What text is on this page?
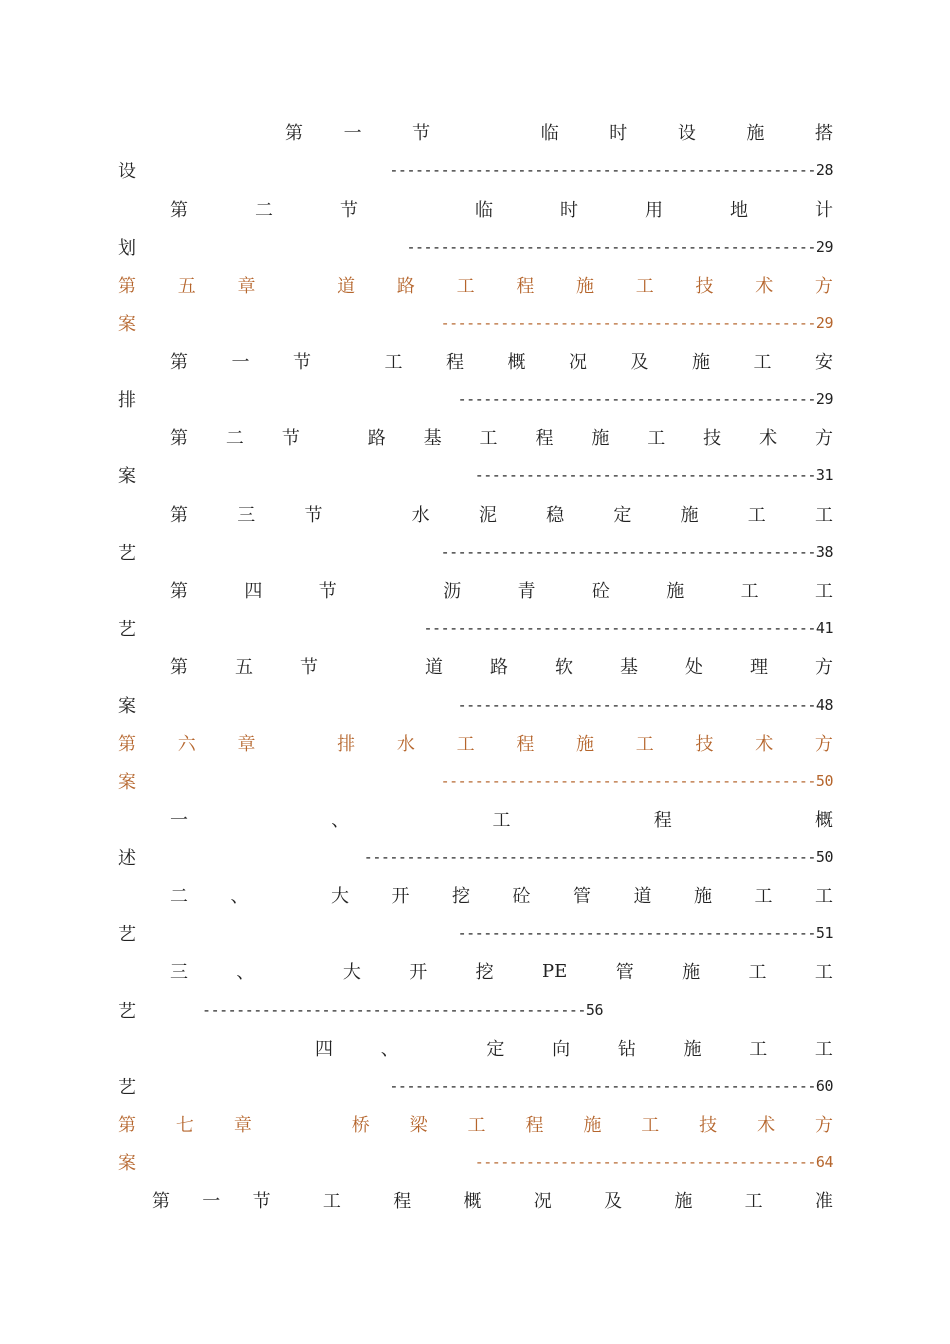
第 一	节	临	时	设	施	搭
设	--------------------------------------------------28
第	二	节	临	时	用	地	计
划	------------------------------------------------29
第 五 章	道 路 工 程 施 工 技 术 方
案	--------------------------------------------29
第 一 节	工 程 概 况 及 施 工 安
排	------------------------------------------29
第 二 节	路 基 工 程 施 工 技 术 方
案	----------------------------------------31
第	三	节	水	泥	稳	定	施	工	工
艺	--------------------------------------------38
第	四	节	沥	青	砼	施	工	工
艺	----------------------------------------------41
第	五	节	道	路	软	基	处	理	方
案	------------------------------------------48
第 六 章	排 水 工 程 施 工 技 术 方
案	--------------------------------------------50
一	、	工	程	概
述	-----------------------------------------------------50
二 、	大 开 挖 砼 管 道 施 工 工
艺	------------------------------------------51
三	、	大	开	挖	PE	管	施	工	工
艺	---------------------------------------------56
四	、	定	向	钻	施	工	工
艺	--------------------------------------------------60
第 七 章	桥 梁 工 程 施 工 技 术 方
案	----------------------------------------64
第 一 节	工	程	概	况	及	施	工	准
